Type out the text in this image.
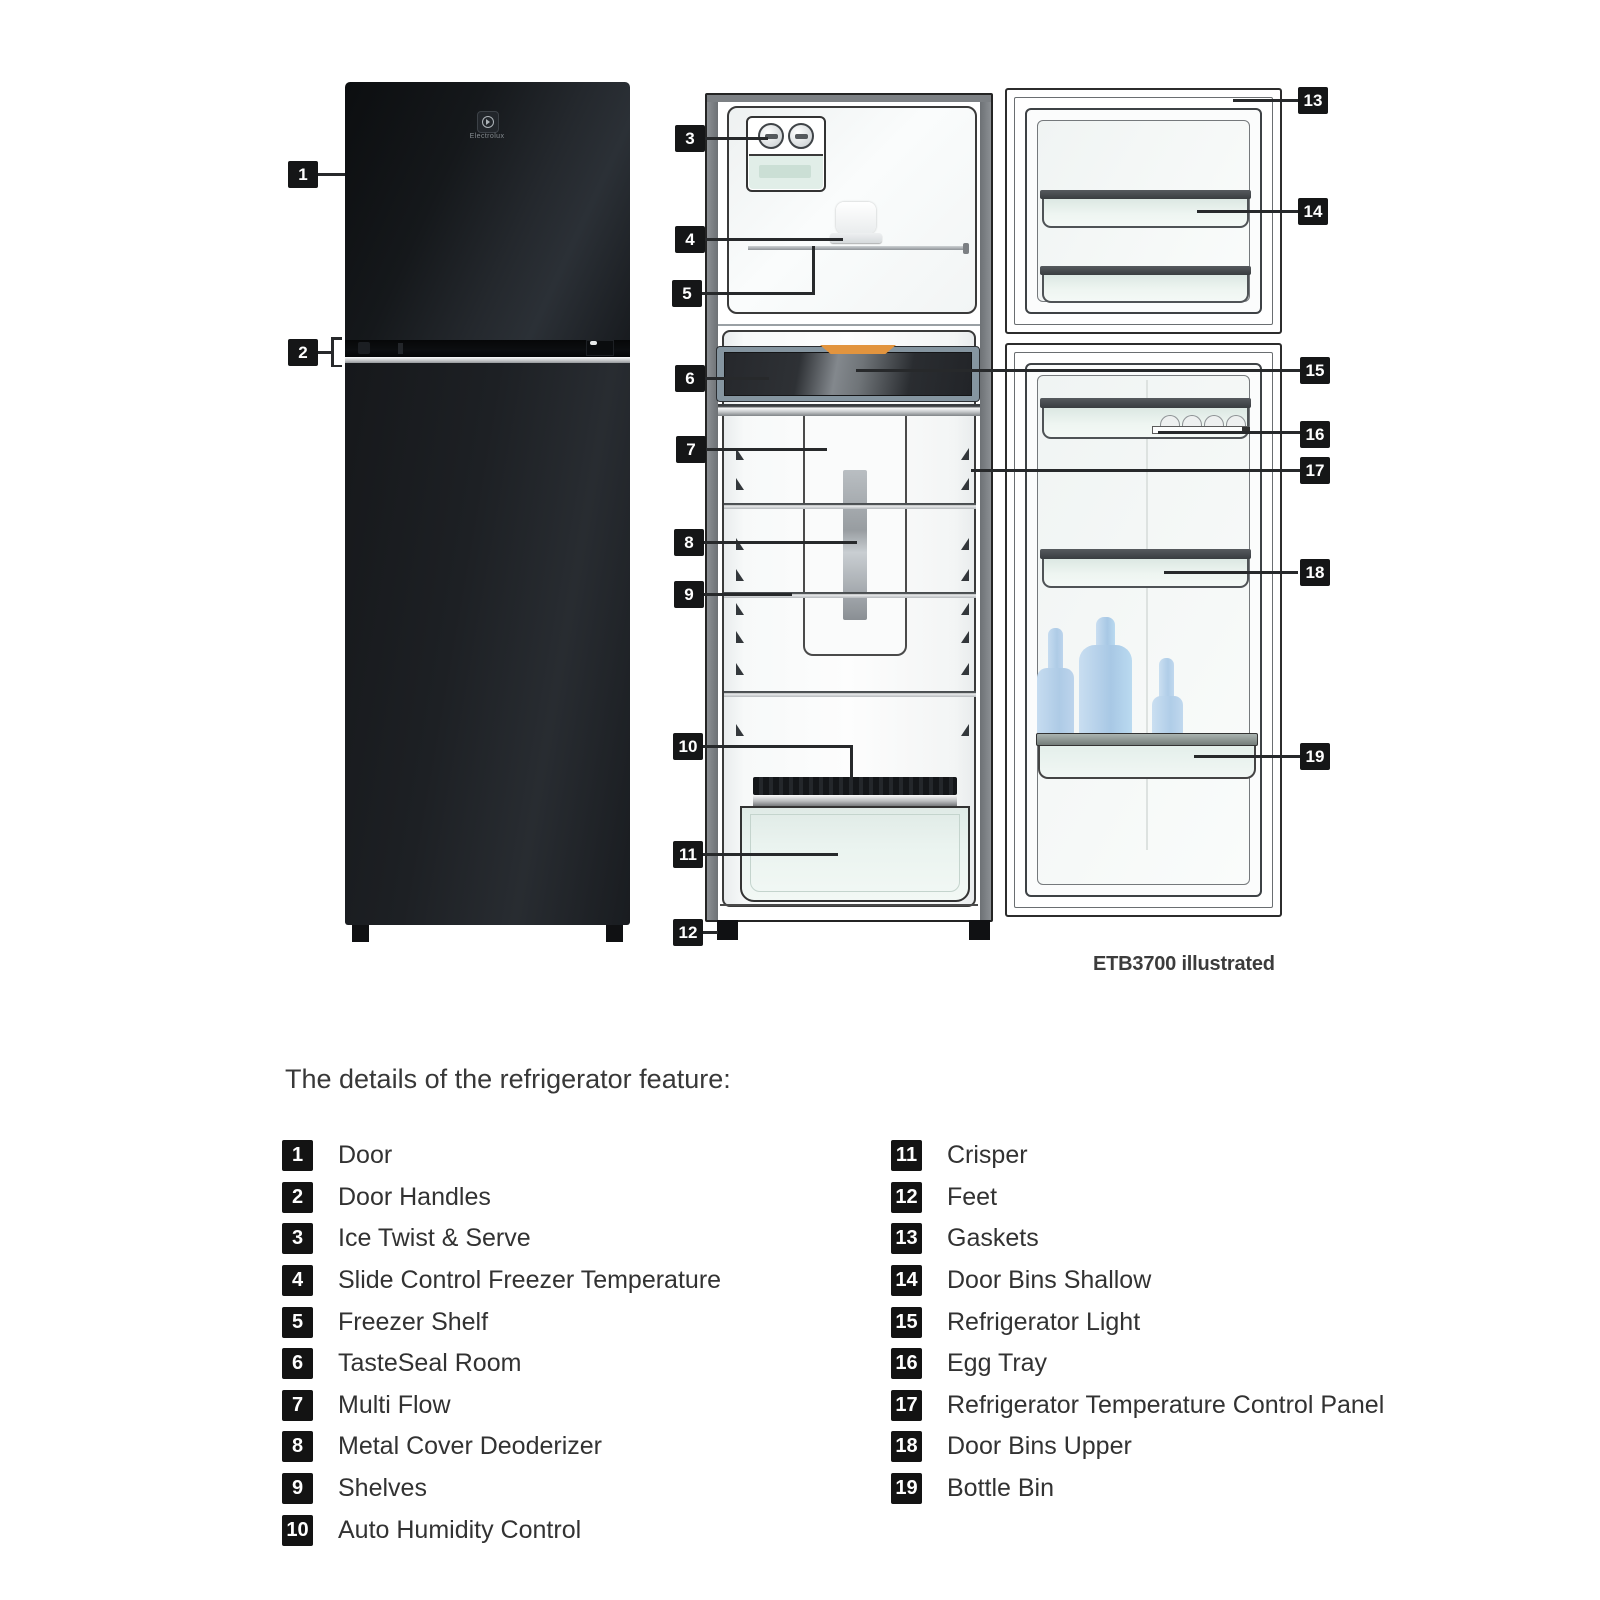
Electrolux
ETB3700 illustrated
1
2
3
4
5
6
7
8
9
10
11
12
13
14
15
16
17
18
19
The details of the refrigerator feature:
1 Door
2 Door Handles
3 Ice Twist & Serve
4 Slide Control Freezer Temperature
5 Freezer Shelf
6 TasteSeal Room
7 Multi Flow
8 Metal Cover Deoderizer
9 Shelves
10 Auto Humidity Control
11 Crisper
12 Feet
13 Gaskets
14 Door Bins Shallow
15 Refrigerator Light
16 Egg Tray
17 Refrigerator Temperature Control Panel
18 Door Bins Upper
19 Bottle Bin
